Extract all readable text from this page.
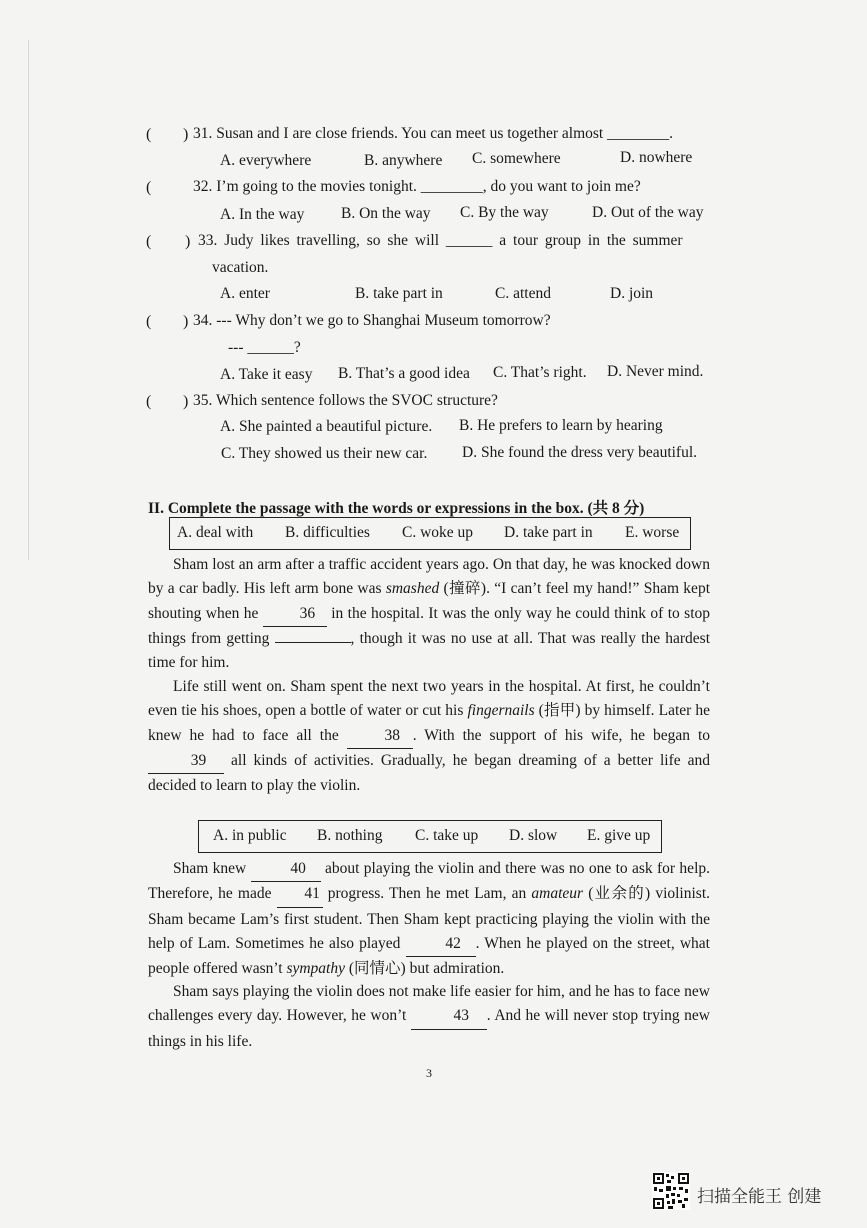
( ) 31. Susan and I are close friends. You can meet us together almost ________.
A. everywhere	B. anywhere C. somewhere	D. nowhere
(	32. I’m going to the movies tonight. ________, do you want to join me?
A. In the way B. On the way C. By the way	D. Out of the way
( ) 33. Judy likes travelling, so she will ______ a tour group in the summer
vacation.
A. enter	B. take part in	C. attend	D. join
( ) 34. --- Why don’t we go to Shanghai Museum tomorrow?
--- ______?
A. Take it easy B. That’s a good idea C. That’s right. D. Never mind.
( ) 35. Which sentence follows the SVOC structure?
A. She painted a beautiful picture. B. He prefers to learn by hearing
C. They showed us their new car. D. She found the dress very beautiful.
II. Complete the passage with the words or expressions in the box. (共 8 分)
A. deal with B. difficulties C. woke up D. take part in E. worse

Sham lost an arm after a traffic accident years ago. On that day, he was knocked down by a car badly. His left arm bone was smashed (撞碎). “I can’t feel my hand!” Sham kept shouting when he 36 in the hospital. It was the only way he could think of to stop things from getting	, though it was no use at all. That was really the hardest time for him.

Life still went on. Sham spent the next two years in the hospital. At first, he couldn’t even tie his shoes, open a bottle of water or cut his fingernails (指甲) by himself. Later he knew he had to face all the 38 . With the support of his wife, he began to 39 all kinds of activities. Gradually, he began dreaming of a better life and decided to learn to play the violin.

A. in public B. nothing C. take up D. slow E. give up

Sham knew	40 about playing the violin and there was no one to ask for help. Therefore, he made 41 progress. Then he met Lam, an amateur (业余的) violinist. Sham became Lam’s first student. Then Sham kept practicing playing the violin with the help of Lam. Sometimes he also played	42 . When he played on the street, what people offered wasn’t sympathy (同情心) but admiration.

Sham says playing the violin does not make life easier for him, and he has to face new challenges every day. However, he won’t	43 . And he will never stop trying new things in his life.

3
扫描全能王 创建
